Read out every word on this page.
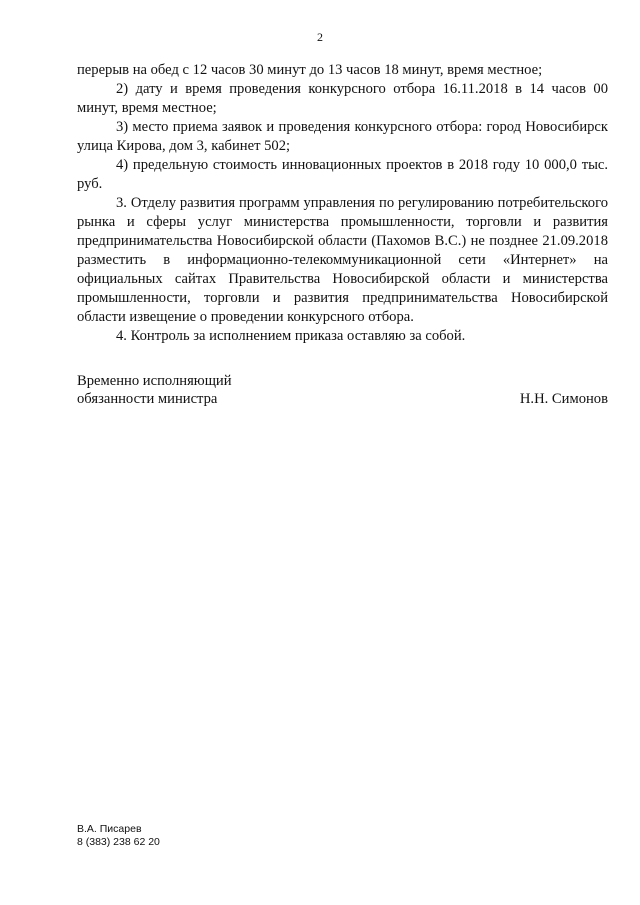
2

перерыв на обед с 12 часов 30 минут до 13 часов 18 минут, время местное;

2) дату и время проведения конкурсного отбора 16.11.2018 в 14 часов 00 минут, время местное;

3) место приема заявок и проведения конкурсного отбора: город Новосибирск улица Кирова, дом 3, кабинет 502;

4) предельную стоимость инновационных проектов в 2018 году 10 000,0 тыс. руб.

3. Отделу развития программ управления по регулированию потребительского рынка и сферы услуг министерства промышленности, торговли и развития предпринимательства Новосибирской области (Пахомов В.С.) не позднее 21.09.2018 разместить в информационно-телекоммуникационной сети «Интернет» на официальных сайтах Правительства Новосибирской области и министерства промышленности, торговли и развития предпринимательства Новосибирской области извещение о проведении конкурсного отбора.

4. Контроль за исполнением приказа оставляю за собой.

Временно исполняющий
обязанности министра	Н.Н. Симонов
В.А. Писарев
8 (383) 238 62 20
